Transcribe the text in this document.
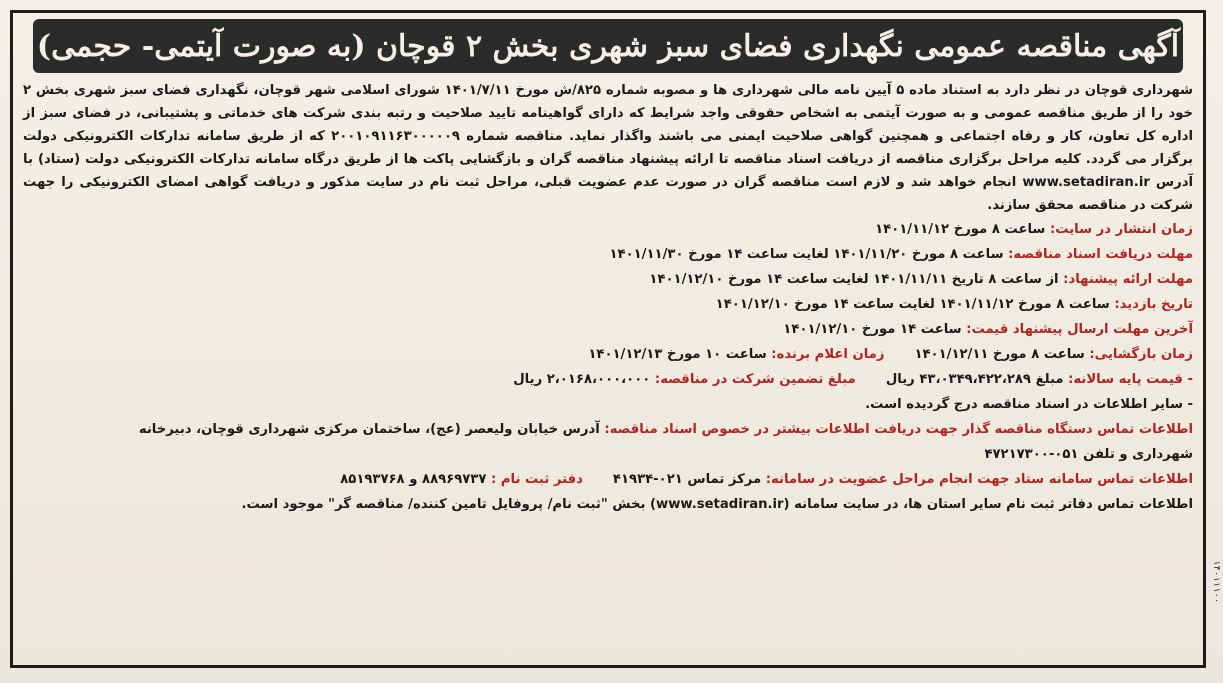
آگهی مناقصه عمومی نگهداری فضای سبز شهری بخش ۲ قوچان (به صورت آیتمی- حجمی)
شهرداری قوچان در نظر دارد به استناد ماده ۵ آیین نامه مالی شهرداری ها و مصوبه شماره ۸۲۵/ش مورخ ۱۴۰۱/۷/۱۱ شورای اسلامی شهر قوچان، نگهداری فضای سبز شهری بخش ۲ خود را از طریق مناقصه عمومی و به صورت آیتمی به اشخاص حقوقی واجد شرایط که دارای گواهینامه تایید صلاحیت و رتبه بندی شرکت های خدماتی و پشتیبانی، در فضای سبز از اداره کل تعاون، کار و رفاه اجتماعی و همچنین گواهی صلاحیت ایمنی می باشند واگذار نماید. مناقصه شماره ۲۰۰۱۰۹۱۱۶۳۰۰۰۰۰۹ که از طریق سامانه تدارکات الکترونیکی دولت برگزار می گردد. کلیه مراحل برگزاری مناقصه از دریافت اسناد مناقصه تا ارائه پیشنهاد مناقصه گران و بازگشایی پاکت ها از طریق درگاه سامانه تدارکات الکترونیکی دولت (ستاد) با آدرس www.setadiran.ir انجام خواهد شد و لازم است مناقصه گران در صورت عدم عضویت قبلی، مراحل ثبت نام در سایت مذکور و دریافت گواهی امضای الکترونیکی را جهت شرکت در مناقصه محقق سازند.
زمان انتشار در سایت: ساعت ۸ مورخ ۱۴۰۱/۱۱/۱۲
مهلت دریافت اسناد مناقصه: ساعت ۸ مورخ ۱۴۰۱/۱۱/۲۰ لغایت ساعت ۱۴ مورخ ۱۴۰۱/۱۱/۳۰
مهلت ارائه پیشنهاد: از ساعت ۸ تاریخ ۱۴۰۱/۱۱/۱۱ لغایت ساعت ۱۴ مورخ ۱۴۰۱/۱۲/۱۰
تاریخ بازدید: ساعت ۸ مورخ ۱۴۰۱/۱۱/۱۲ لغایت ساعت ۱۴ مورخ ۱۴۰۱/۱۲/۱۰
آخرین مهلت ارسال پیشنهاد قیمت: ساعت ۱۴ مورخ ۱۴۰۱/۱۲/۱۰
زمان بازگشایی:

ساعت ۸ مورخ ۱۴۰۱/۱۲/۱۱
زمان اعلام برنده:

ساعت ۱۰ مورخ ۱۴۰۱/۱۲/۱۳
- قیمت پایه سالانه:

مبلغ ۴۳،۰۳۴۹،۴۲۲،۲۸۹ ریال
مبلغ تضمین شرکت در مناقصه:

۲،۰۱۶۸،۰۰۰،۰۰۰ ریال
- سایر اطلاعات در اسناد مناقصه درج گردیده است.
اطلاعات تماس دستگاه مناقصه گذار جهت دریافت اطلاعات بیشتر در خصوص اسناد مناقصه: آدرس خیابان ولیعصر (عج)، ساختمان مرکزی شهرداری قوچان، دبیرخانه
شهرداری و تلفن ۰۵۱-۴۷۲۱۷۳۰۰
اطلاعات تماس سامانه ستاد جهت انجام مراحل عضویت در سامانه:

مرکز تماس ۰۲۱-۴۱۹۳۴
دفتر ثبت نام :

۸۸۹۶۹۷۳۷ و ۸۵۱۹۳۷۶۸
اطلاعات تماس دفاتر ثبت نام سایر استان ها، در سایت سامانه (www.setadiran.ir) بخش "ثبت نام/ پروفایل تامین کننده/ مناقصه گر" موجود است.
۱۴۰۱۱۱۰۰
